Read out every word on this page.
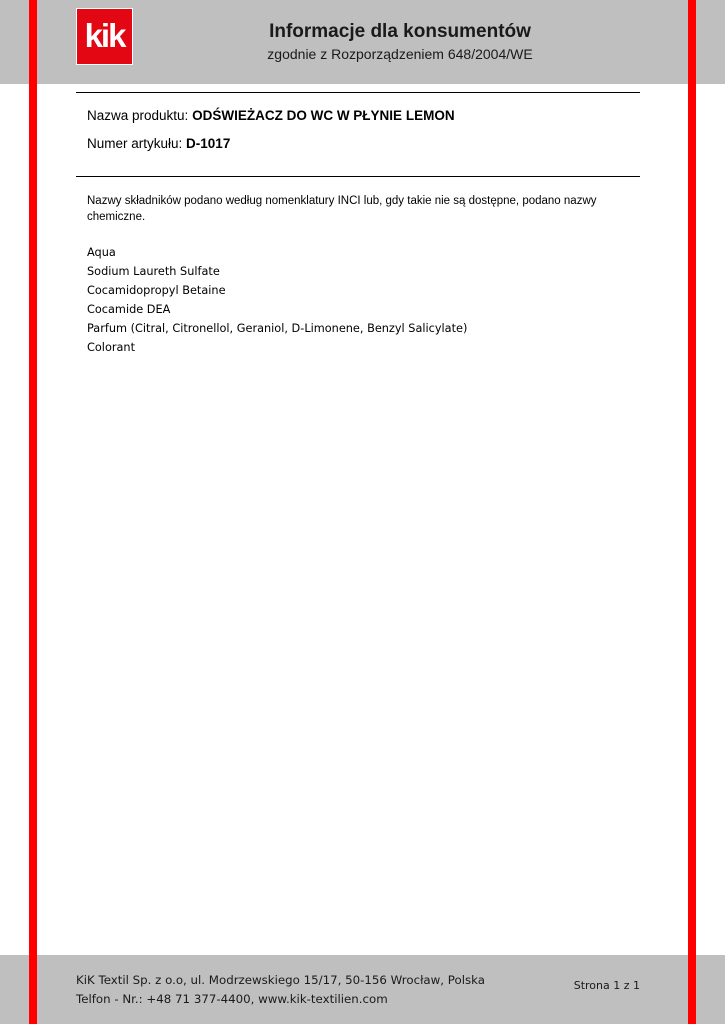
kik	Informacje dla konsumentów
zgodnie z Rozporządzeniem 648/2004/WE
Nazwa produktu: ODŚWIEŻACZ DO WC W PŁYNIE LEMON
Numer artykułu: D-1017
Nazwy składników podano według nomenklatury INCI lub, gdy takie nie są dostępne, podano nazwy chemiczne.
Aqua
Sodium Laureth Sulfate
Cocamidopropyl Betaine
Cocamide DEA
Parfum (Citral, Citronellol, Geraniol, D-Limonene, Benzyl Salicylate)
Colorant
KiK Textil Sp. z o.o, ul. Modrzewskiego 15/17, 50-156 Wrocław, Polska
Telfon - Nr.: +48 71 377-4400, www.kik-textilien.com
Strona 1 z 1
